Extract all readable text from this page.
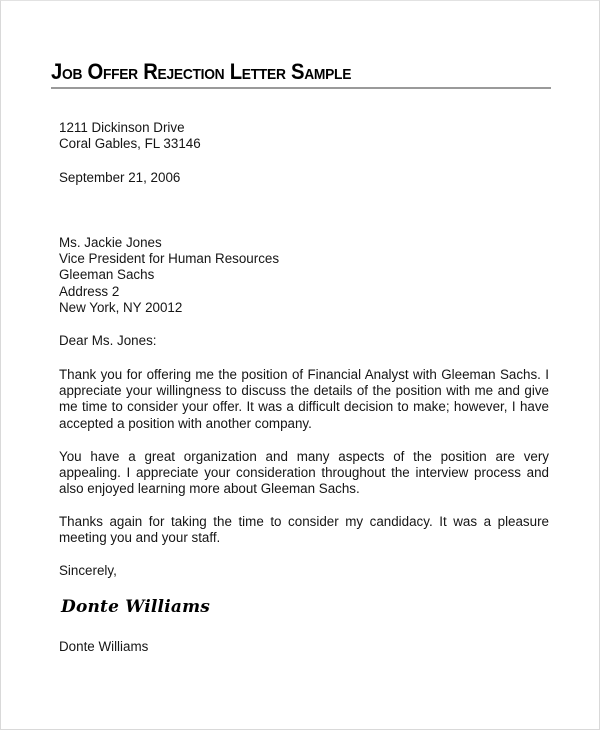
Job Offer Rejection Letter Sample
1211 Dickinson Drive
Coral Gables, FL 33146
September 21, 2006
Ms. Jackie Jones
Vice President for Human Resources
Gleeman Sachs
Address 2
New York, NY 20012
Dear Ms. Jones:
Thank you for offering me the position of Financial Analyst with Gleeman Sachs. I appreciate your willingness to discuss the details of the position with me and give me time to consider your offer. It was a difficult decision to make; however, I have accepted a position with another company.
You have a great organization and many aspects of the position are very appealing. I appreciate your consideration throughout the interview process and also enjoyed learning more about Gleeman Sachs.
Thanks again for taking the time to consider my candidacy. It was a pleasure meeting you and your staff.
Sincerely,
Donte Williams
Donte Williams
